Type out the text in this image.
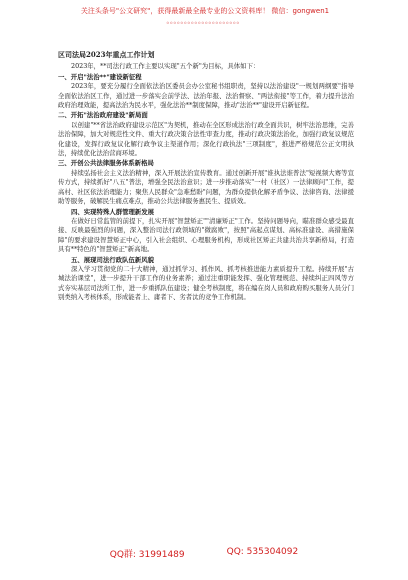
关注头条号"公文研究"，获得最新最全最专业的公文资料库！ 微信：gongwen1
。。。。。。。。。。。。。。。。。。。。。
区司法局2023年重点工作计划

2023年，**司法行政工作主要以实现"五个新"为目标，具体如下：

一、开启"法治**"建设新征程

2023年，要充分履行全面依法治区委员会办公室秘书组职责，坚持以法治建设"一规划两纲要"指导全面依法治区工作，通过进一步落实会前学法、法治年报、法治督察、"两法衔接"等工作，着力提升法治政府治理效能，提高法治为民水平，强化法治**制度保障，推动"法治**"建设开启新征程。

二、开拓"法治政府建设"新局面

以创建"**省法治政府建设示范区"为契机，推动在全区形成法治行政全面共识，树牢法治思维，完善法治保障，加大对规范性文件、重大行政决策合法性审查力度，推动行政决策法治化，加强行政复议规范化建设，发挥行政复议化解行政争议主渠道作用；深化行政执法"三项制度"，推进严格规范公正文明执法，持续优化法治营商环境。

三、开创公共法律服务体系新格局

持续弘扬社会主义法治精神，深入开展法治宣传教育。通过创新开展"谁执法谁普法"短视频大赛等宣传方式，持续抓好"八五"普法，增强全民法治意识；进一步推动落实"一村（社区）一法律顾问"工作，提高村、社区依法治理能力；聚焦人民群众"急难愁盼"问题，为群众提供化解矛盾争议、法律咨询、法律援助等服务，破解民生痛点难点，推动公共法律服务惠民生、提质效。

四、实现特殊人群管理新发展

在做好日常监管的前提下，扎实开展"智慧矫正""清廉矫正"工作。坚持问题导向，瞄准群众感受最直接、反映最强烈的问题，深入整治司法行政领域的"微腐败"，按照"高起点谋划、高标准建设、高措施保障"的要求建设智慧矫正中心，引入社会组织、心理服务机构，形成社区矫正共建共治共享新格局，打造具有**特色的"智慧矫正"新高地。

五、展现司法行政队伍新风貌

深入学习贯彻党的二十大精神，通过抓学习、抓作风、抓考核推进能力素质提升工程。持续开展"古城法治课堂"，进一步提升干部工作的业务素养；通过注重职能发挥、强化管理规范、持续纠正四风等方式夯实基层司法所工作，进一步重抓队伍建设；健全考核制度，将在编在岗人员和政府购买服务人员分门别类纳入考核体系，形成能者上、庸者下、劣者汰的竞争工作机制。

QQ群: 31991489	QQ: 535304092
